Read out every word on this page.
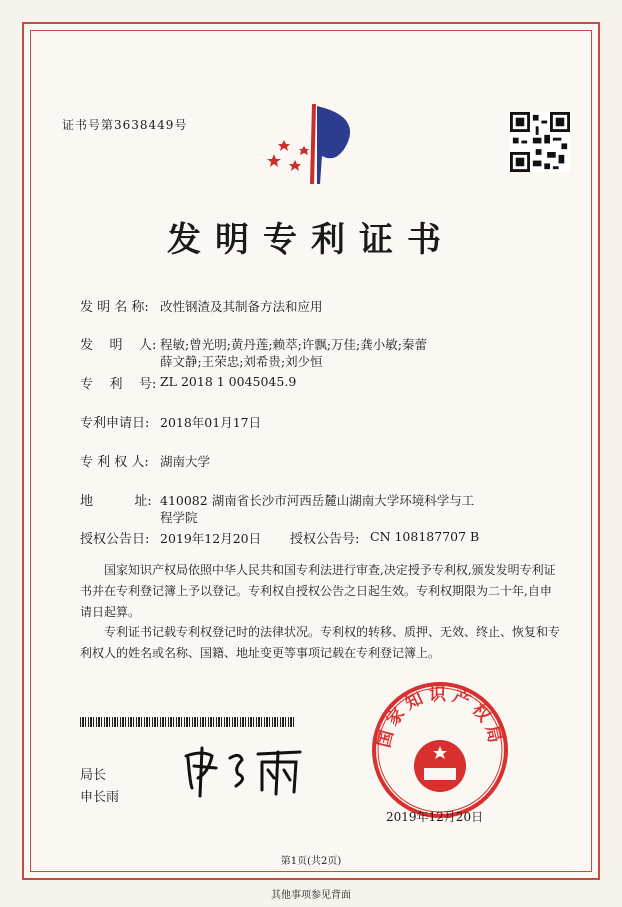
证书号第3638449号
发明专利证书
发 明 名 称: 改性钢渣及其制备方法和应用
发    明    人: 程敏;曾光明;黄丹莲;赖萃;许飘;万佳;龚小敏;秦蕾
薛文静;王荣忠;刘希贵;刘少恒
专    利    号: ZL 2018 1 0045045.9
专利申请日: 2018年01月17日
专 利 权 人: 湖南大学
地          址: 410082 湖南省长沙市河西岳麓山湖南大学环境科学与工
程学院
授权公告日: 2019年12月20日 授权公告号: CN 108187707 B
国家知识产权局依照中华人民共和国专利法进行审查,决定授予专利权,颁发发明专利证书并在专利登记簿上予以登记。专利权自授权公告之日起生效。专利权期限为二十年,自申请日起算。
专利证书记载专利权登记时的法律状况。专利权的转移、质押、无效、终止、恢复和专利权人的姓名或名称、国籍、地址变更等事项记载在专利登记簿上。
局长
申长雨
国家知识产权局
2019年12月20日
第1页(共2页)
其他事项参见背面
